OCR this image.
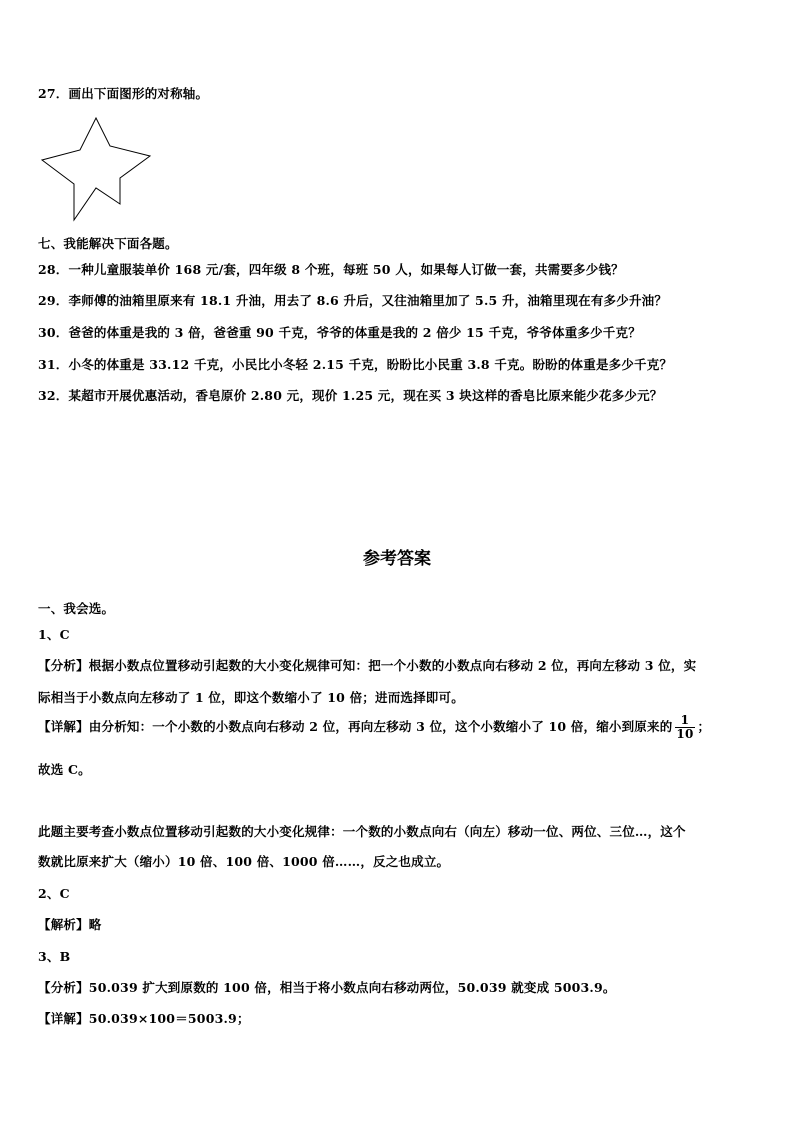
27．画出下面图形的对称轴。
七、我能解决下面各题。
28．一种儿童服装单价 168 元/套，四年级 8 个班，每班 50 人，如果每人订做一套，共需要多少钱？
29．李师傅的油箱里原来有 18.1 升油，用去了 8.6 升后，又往油箱里加了 5.5 升，油箱里现在有多少升油？
30．爸爸的体重是我的 3 倍，爸爸重 90 千克，爷爷的体重是我的 2 倍少 15 千克，爷爷体重多少千克？
31．小冬的体重是 33.12 千克，小民比小冬轻 2.15 千克，盼盼比小民重 3.8 千克。盼盼的体重是多少千克？
32．某超市开展优惠活动，香皂原价 2.80 元，现价 1.25 元，现在买 3 块这样的香皂比原来能少花多少元？
参考答案
一、我会选。
1、C
【分析】根据小数点位置移动引起数的大小变化规律可知：把一个小数的小数点向右移动 2 位，再向左移动 3 位，实
际相当于小数点向左移动了 1 位，即这个数缩小了 10 倍；进而选择即可。
【详解】由分析知：一个小数的小数点向右移动 2 位，再向左移动 3 位，这个小数缩小了 10 倍，缩小到原来的 $\frac{1}{10}$ ；
故选 C。
此题主要考查小数点位置移动引起数的大小变化规律：一个数的小数点向右（向左）移动一位、两位、三位…，这个
数就比原来扩大（缩小）10 倍、100 倍、1000 倍……，反之也成立。
2、C
【解析】略
3、B
【分析】50.039 扩大到原数的 100 倍，相当于将小数点向右移动两位，50.039 就变成 5003.9。
【详解】50.039×100＝5003.9；
